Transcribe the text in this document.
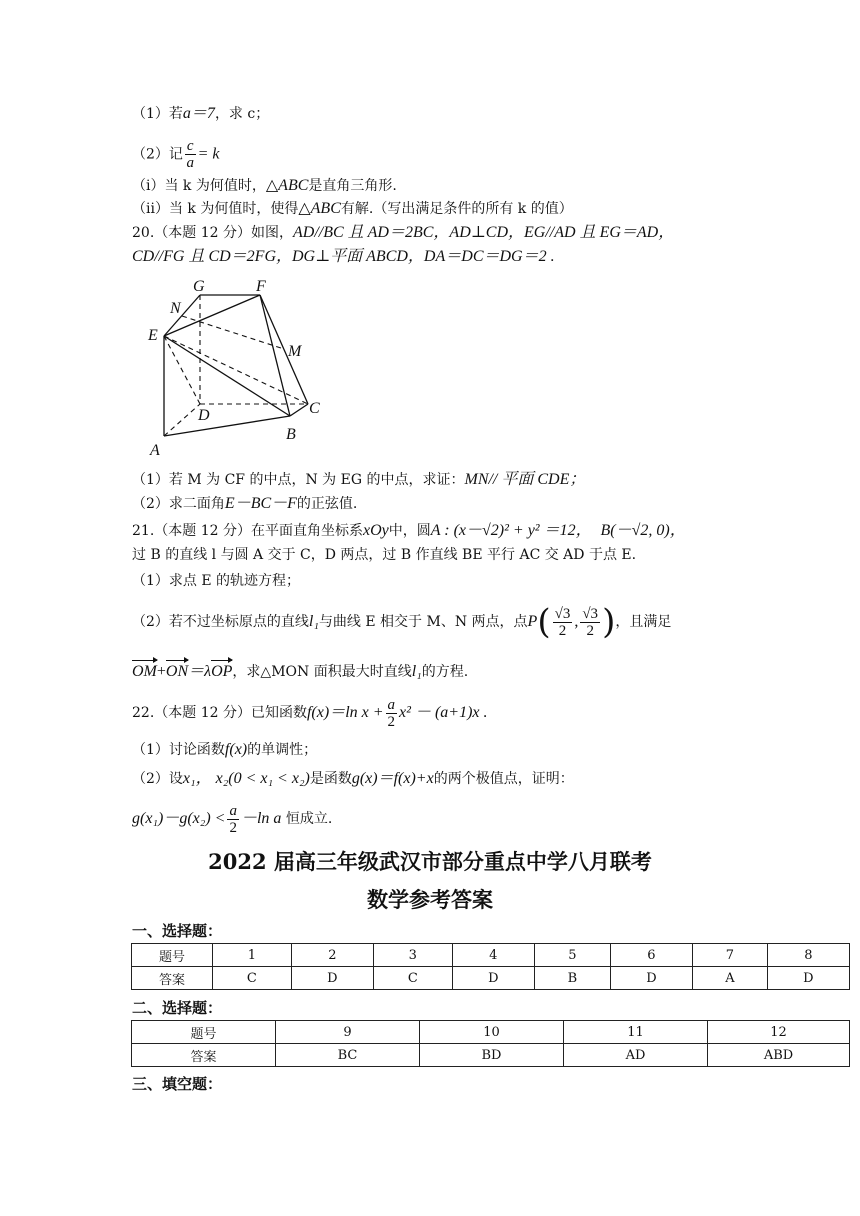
（1）若a＝7，求 c；
（2）记 $\frac{c}{a} = k$
（i）当 k 为何值时，△ABC是直角三角形.
（ii）当 k 为何值时，使得△ABC有解.（写出满足条件的所有 k 的值）
20.（本题 12 分）如图，AD//BC 且 AD＝2BC，AD⊥CD，EG//AD 且 EG＝AD，
CD//FG 且 CD＝2FG，DG⊥平面 ABCD，DA＝DC＝DG＝2 .
G	F
N
E
M
D	C
B
A
（1）若 M 为 CF 的中点，N 为 EG 的中点，求证：MN// 平面 CDE；
（2）求二面角E－BC－F的正弦值.
21.（本题 12 分）在平面直角坐标系xOy中，圆A : (x－√2)² + y² ＝12， B(－√2, 0)，
过 B 的直线 l 与圆 A 交于 C，D 两点，过 B 作直线 BE 平行 AC 交 AD 于点 E.
（1）求点 E 的轨迹方程；
（2）若不过坐标原点的直线l₁与曲线 E 相交于 M、N 两点，点$P( \frac{√3}{2}$ , $\frac{√3}{2}$ )，且满足
OM+ON＝λOP，求△MON 面积最大时直线l₁的方程.
22.（本题 12 分）已知函数f(x)＝ln $x + \frac{a}{2} x^2 - (a+1)x$ .
（1）讨论函数f(x)的单调性；
（2）设x₁， x₂(0 < x₁ < x₂)是函数g(x)＝f(x)+x的两个极值点，证明：
$g(x_1)-g(x_2) < \frac{a}{2} -\ln$ a 恒成立.
2022 届高三年级武汉市部分重点中学八月联考
数学参考答案
一、选择题：
题号	1	2	3	4	5	6	7	8
答案	C	D	C	D	B	D	A	D
二、选择题：
题号	9	10	11	12
答案	BC	BD	AD	ABD
三、填空题：
